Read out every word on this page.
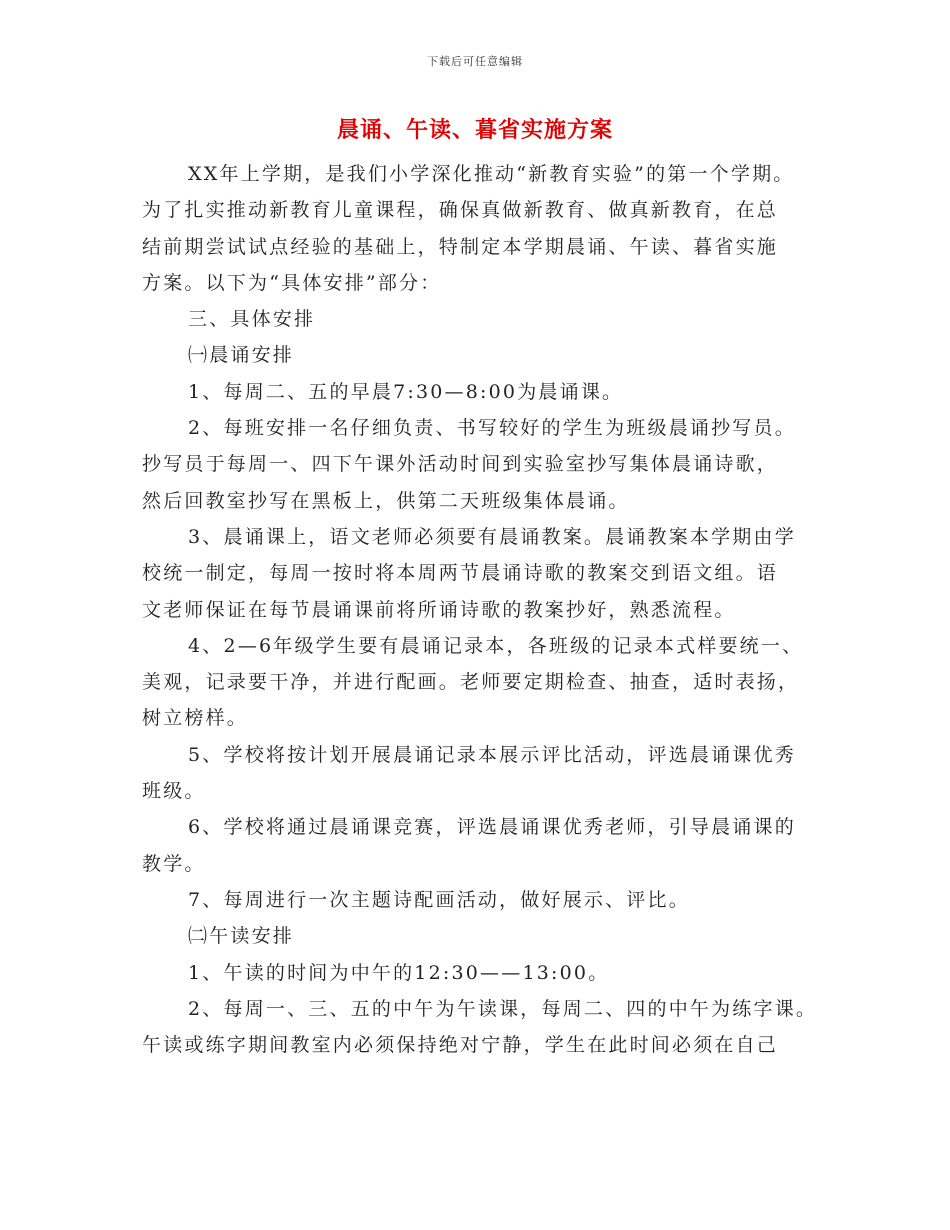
下载后可任意编辑
晨诵、午读、暮省实施方案

XX年上学期，是我们小学深化推动“新教育实验”的第一个学期。

为了扎实推动新教育儿童课程，确保真做新教育、做真新教育，在总

结前期尝试试点经验的基础上，特制定本学期晨诵、午读、暮省实施

方案。以下为“具体安排”部分：

三、具体安排

㈠晨诵安排

1、每周二、五的早晨7:30—8:00为晨诵课。

2、每班安排一名仔细负责、书写较好的学生为班级晨诵抄写员。

抄写员于每周一、四下午课外活动时间到实验室抄写集体晨诵诗歌，

然后回教室抄写在黑板上，供第二天班级集体晨诵。

3、晨诵课上，语文老师必须要有晨诵教案。晨诵教案本学期由学

校统一制定，每周一按时将本周两节晨诵诗歌的教案交到语文组。语

文老师保证在每节晨诵课前将所诵诗歌的教案抄好，熟悉流程。

4、2—6年级学生要有晨诵记录本，各班级的记录本式样要统一、

美观，记录要干净，并进行配画。老师要定期检查、抽查，适时表扬，

树立榜样。

5、学校将按计划开展晨诵记录本展示评比活动，评选晨诵课优秀

班级。

6、学校将通过晨诵课竞赛，评选晨诵课优秀老师，引导晨诵课的

教学。

7、每周进行一次主题诗配画活动，做好展示、评比。

㈡午读安排

1、午读的时间为中午的12:30——13:00。

2、每周一、三、五的中午为午读课，每周二、四的中午为练字课。

午读或练字期间教室内必须保持绝对宁静，学生在此时间必须在自己
